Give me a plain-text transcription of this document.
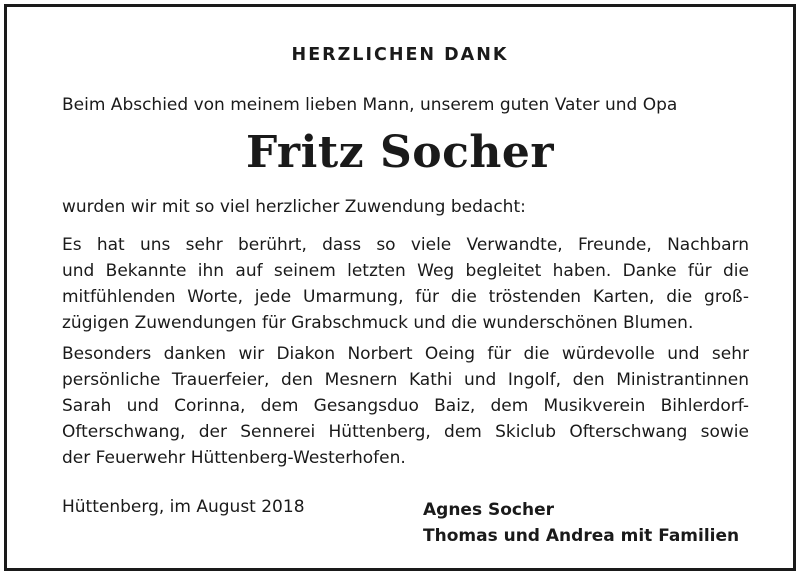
HERZLICHEN DANK
Beim Abschied von meinem lieben Mann, unserem guten Vater und Opa
Fritz Socher
wurden wir mit so viel herzlicher Zuwendung bedacht:
Es hat uns sehr berührt, dass so viele Verwandte, Freunde, Nachbarn
und Bekannte ihn auf seinem letzten Weg begleitet haben. Danke für die
mitfühlenden Worte, jede Umarmung, für die tröstenden Karten, die groß-
zügigen Zuwendungen für Grabschmuck und die wunderschönen Blumen.
Besonders danken wir Diakon Norbert Oeing für die würdevolle und sehr
persönliche Trauerfeier, den Mesnern Kathi und Ingolf, den Ministrantinnen
Sarah und Corinna, dem Gesangsduo Baiz, dem Musikverein Bihlerdorf-
Ofterschwang, der Sennerei Hüttenberg, dem Skiclub Ofterschwang sowie
der Feuerwehr Hüttenberg-Westerhofen.
Hüttenberg, im August 2018	Agnes Socher
Thomas und Andrea mit Familien
